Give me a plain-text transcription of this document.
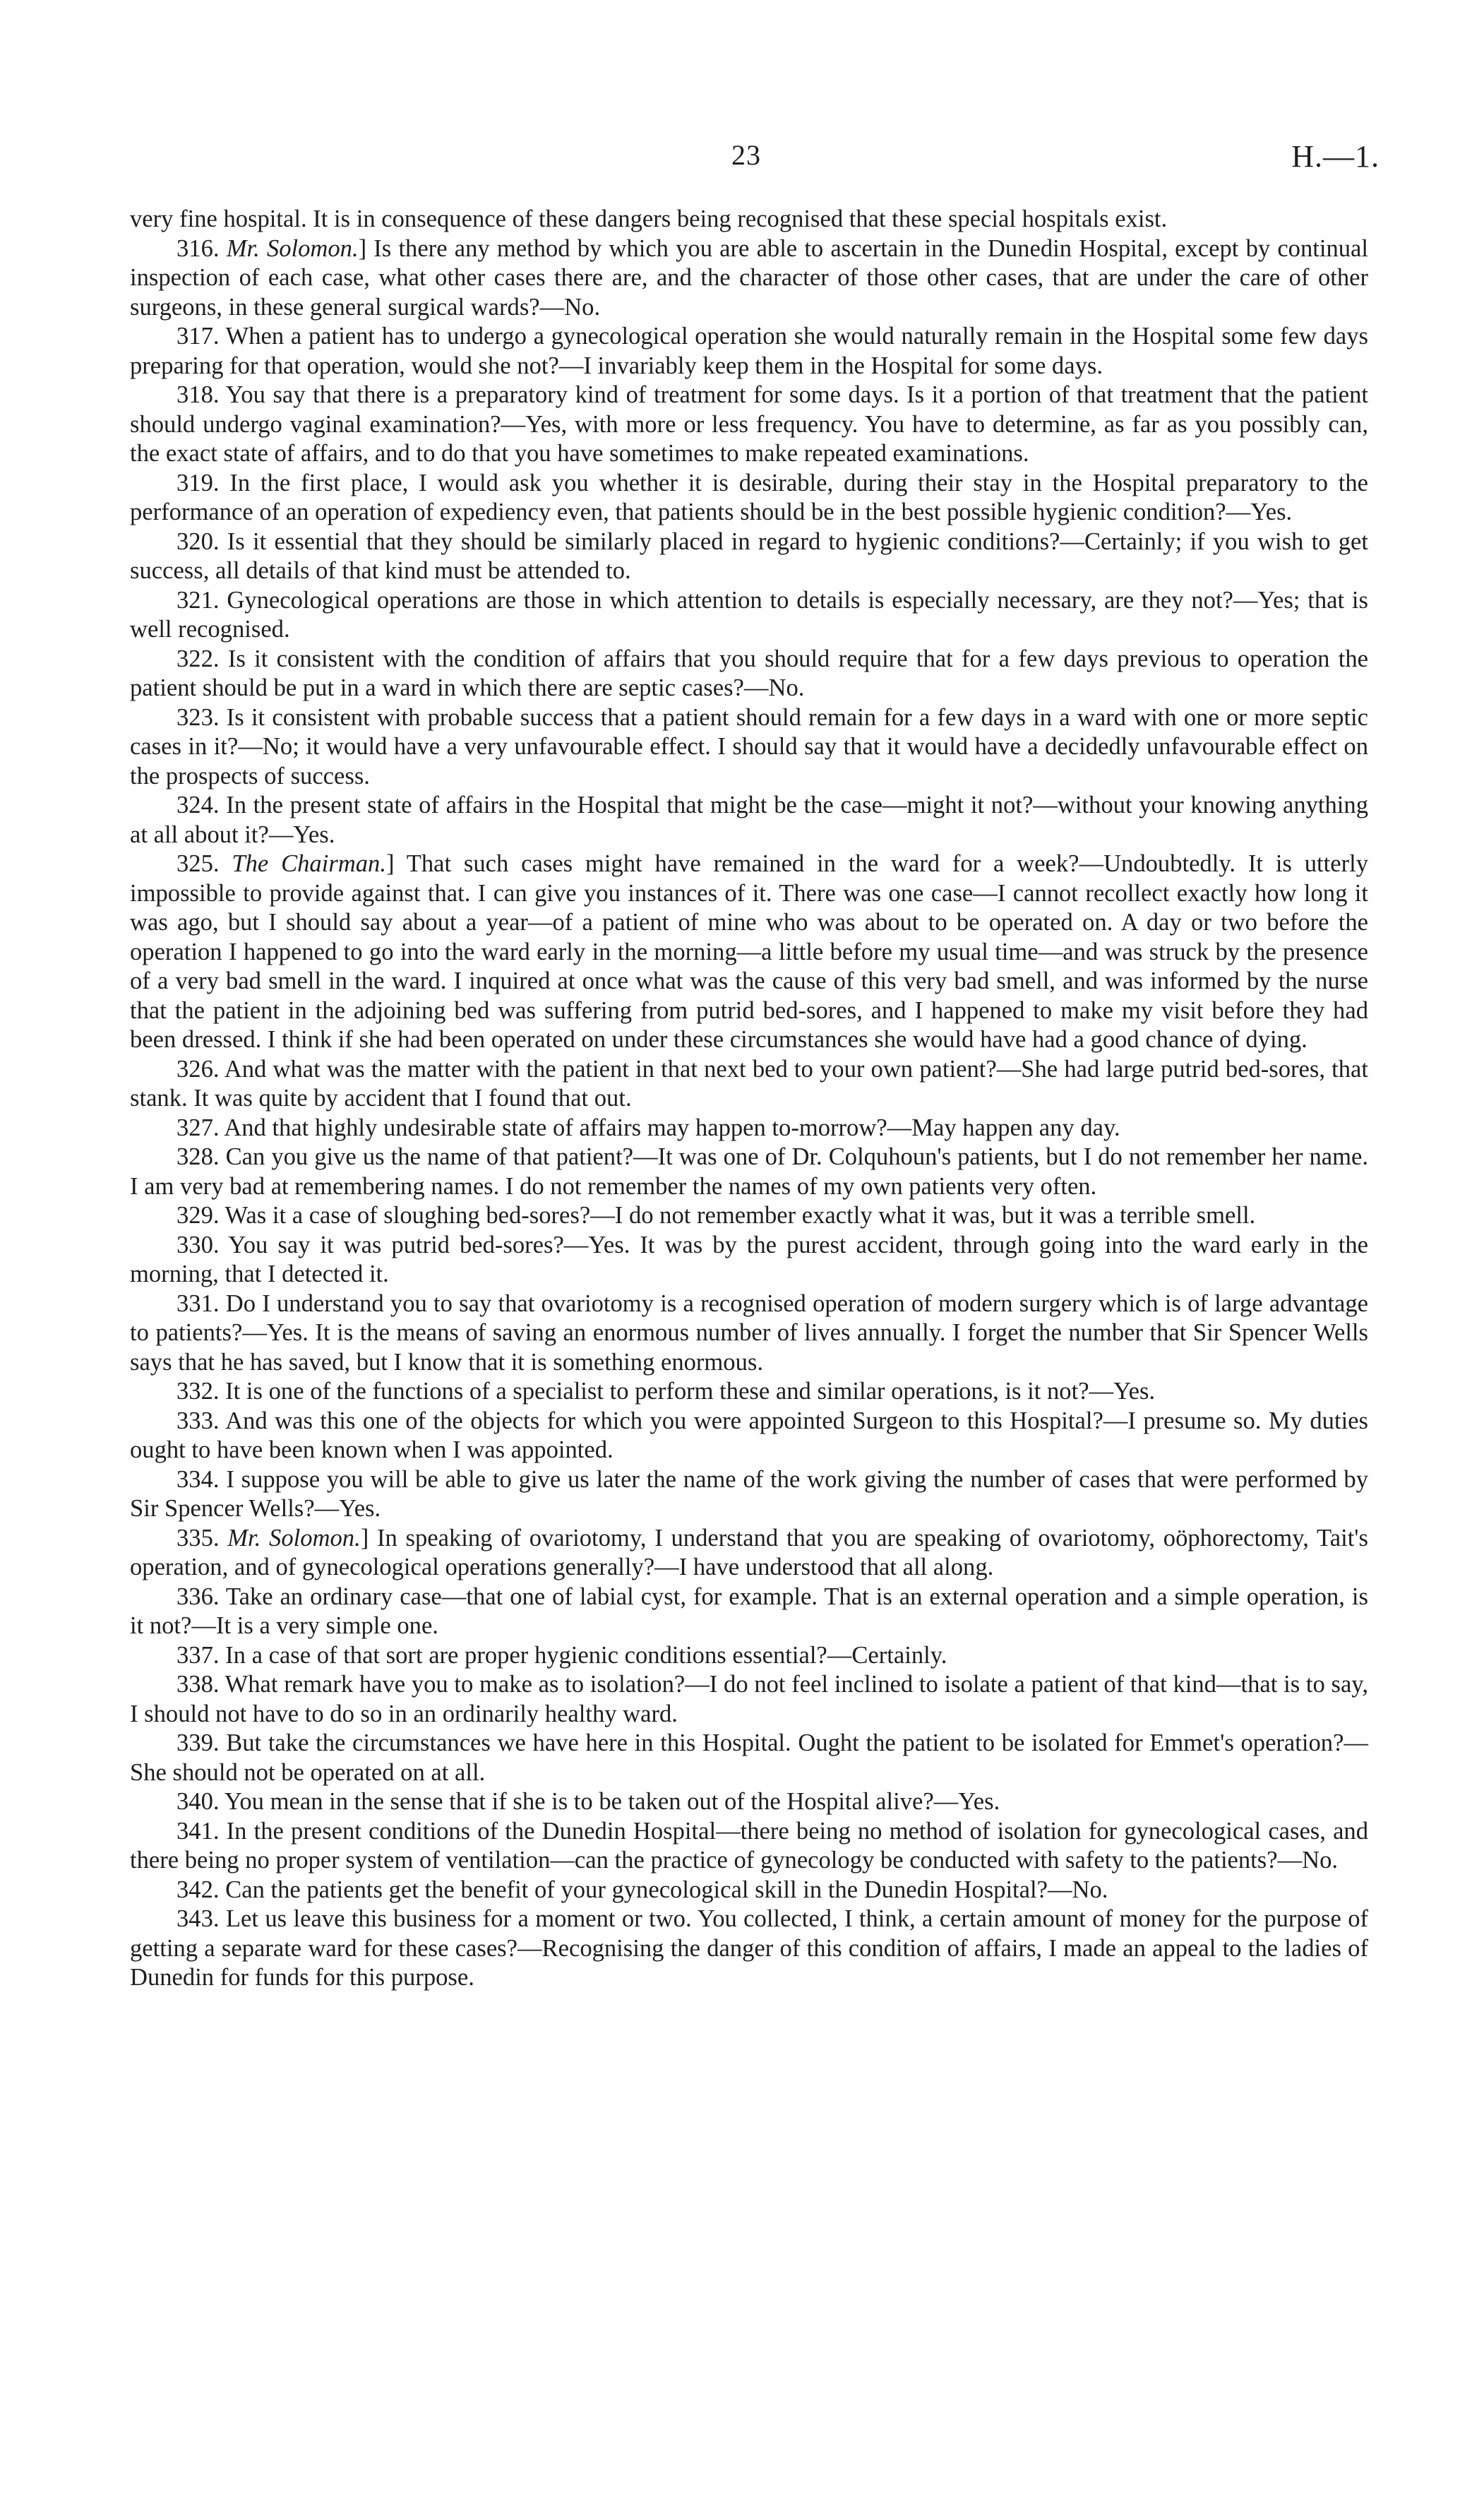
23	H.—1.

very fine hospital. It is in consequence of these dangers being recognised that these special hospitals exist.

316. Mr. Solomon.] Is there any method by which you are able to ascertain in the Dunedin Hospital, except by continual inspection of each case, what other cases there are, and the character of those other cases, that are under the care of other surgeons, in these general surgical wards?—No.

317. When a patient has to undergo a gynecological operation she would naturally remain in the Hospital some few days preparing for that operation, would she not?—I invariably keep them in the Hospital for some days.

318. You say that there is a preparatory kind of treatment for some days. Is it a portion of that treatment that the patient should undergo vaginal examination?—Yes, with more or less frequency. You have to determine, as far as you possibly can, the exact state of affairs, and to do that you have sometimes to make repeated examinations.

319. In the first place, I would ask you whether it is desirable, during their stay in the Hospital preparatory to the performance of an operation of expediency even, that patients should be in the best possible hygienic condition?—Yes.

320. Is it essential that they should be similarly placed in regard to hygienic conditions?—Certainly; if you wish to get success, all details of that kind must be attended to.

321. Gynecological operations are those in which attention to details is especially necessary, are they not?—Yes; that is well recognised.

322. Is it consistent with the condition of affairs that you should require that for a few days previous to operation the patient should be put in a ward in which there are septic cases?—No.

323. Is it consistent with probable success that a patient should remain for a few days in a ward with one or more septic cases in it?—No; it would have a very unfavourable effect. I should say that it would have a decidedly unfavourable effect on the prospects of success.

324. In the present state of affairs in the Hospital that might be the case—might it not?—without your knowing anything at all about it?—Yes.

325. The Chairman.] That such cases might have remained in the ward for a week?—Undoubtedly. It is utterly impossible to provide against that. I can give you instances of it. There was one case—I cannot recollect exactly how long it was ago, but I should say about a year—of a patient of mine who was about to be operated on. A day or two before the operation I happened to go into the ward early in the morning—a little before my usual time—and was struck by the presence of a very bad smell in the ward. I inquired at once what was the cause of this very bad smell, and was informed by the nurse that the patient in the adjoining bed was suffering from putrid bed-sores, and I happened to make my visit before they had been dressed. I think if she had been operated on under these circumstances she would have had a good chance of dying.

326. And what was the matter with the patient in that next bed to your own patient?—She had large putrid bed-sores, that stank. It was quite by accident that I found that out.

327. And that highly undesirable state of affairs may happen to-morrow?—May happen any day.

328. Can you give us the name of that patient?—It was one of Dr. Colquhoun's patients, but I do not remember her name. I am very bad at remembering names. I do not remember the names of my own patients very often.

329. Was it a case of sloughing bed-sores?—I do not remember exactly what it was, but it was a terrible smell.

330. You say it was putrid bed-sores?—Yes. It was by the purest accident, through going into the ward early in the morning, that I detected it.

331. Do I understand you to say that ovariotomy is a recognised operation of modern surgery which is of large advantage to patients?—Yes. It is the means of saving an enormous number of lives annually. I forget the number that Sir Spencer Wells says that he has saved, but I know that it is something enormous.

332. It is one of the functions of a specialist to perform these and similar operations, is it not?—Yes.

333. And was this one of the objects for which you were appointed Surgeon to this Hospital?—I presume so. My duties ought to have been known when I was appointed.

334. I suppose you will be able to give us later the name of the work giving the number of cases that were performed by Sir Spencer Wells?—Yes.

335. Mr. Solomon.] In speaking of ovariotomy, I understand that you are speaking of ovariotomy, oöphorectomy, Tait's operation, and of gynecological operations generally?—I have understood that all along.

336. Take an ordinary case—that one of labial cyst, for example. That is an external operation and a simple operation, is it not?—It is a very simple one.

337. In a case of that sort are proper hygienic conditions essential?—Certainly.

338. What remark have you to make as to isolation?—I do not feel inclined to isolate a patient of that kind—that is to say, I should not have to do so in an ordinarily healthy ward.

339. But take the circumstances we have here in this Hospital. Ought the patient to be isolated for Emmet's operation?—She should not be operated on at all.

340. You mean in the sense that if she is to be taken out of the Hospital alive?—Yes.

341. In the present conditions of the Dunedin Hospital—there being no method of isolation for gynecological cases, and there being no proper system of ventilation—can the practice of gynecology be conducted with safety to the patients?—No.

342. Can the patients get the benefit of your gynecological skill in the Dunedin Hospital?—No.

343. Let us leave this business for a moment or two. You collected, I think, a certain amount of money for the purpose of getting a separate ward for these cases?—Recognising the danger of this condition of affairs, I made an appeal to the ladies of Dunedin for funds for this purpose.
